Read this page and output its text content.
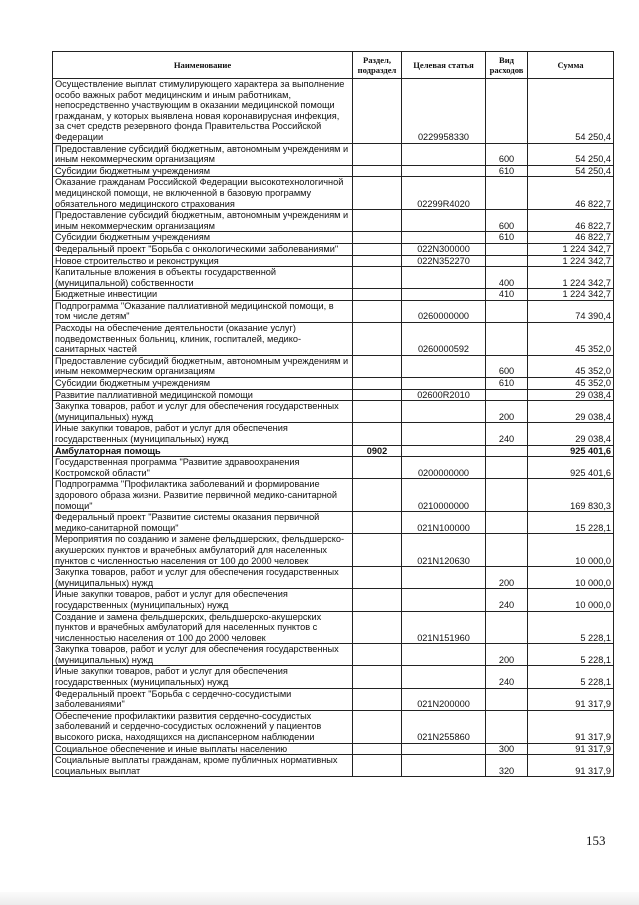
Наименование	Раздел, подраздел	Целевая статья	Вид расходов	Сумма
Осуществление выплат стимулирующего характера за выполнение особо важных работ медицинским и иным работникам, непосредственно участвующим в оказании медицинской помощи гражданам, у которых выявлена новая коронавирусная инфекция, за счет средств резервного фонда Правительства Российской Федерации		0229958330		54 250,4
Предоставление субсидий бюджетным, автономным учреждениям и иным некоммерческим организациям			600	54 250,4
Субсидии бюджетным учреждениям			610	54 250,4
Оказание гражданам Российской Федерации высокотехнологичной медицинской помощи, не включенной в базовую программу обязательного медицинского страхования		02299R4020		46 822,7
Предоставление субсидий бюджетным, автономным учреждениям и иным некоммерческим организациям			600	46 822,7
Субсидии бюджетным учреждениям			610	46 822,7
Федеральный проект "Борьба с онкологическими заболеваниями"		022N300000		1 224 342,7
Новое строительство и реконструкция		022N352270		1 224 342,7
Капитальные вложения в объекты государственной (муниципальной) собственности			400	1 224 342,7
Бюджетные инвестиции			410	1 224 342,7
Подпрограмма "Оказание паллиативной медицинской помощи, в том числе детям"		0260000000		74 390,4
Расходы на обеспечение деятельности (оказание услуг) подведомственных больниц, клиник, госпиталей, медико-санитарных частей		0260000592		45 352,0
Предоставление субсидий бюджетным, автономным учреждениям и иным некоммерческим организациям			600	45 352,0
Субсидии бюджетным учреждениям			610	45 352,0
Развитие паллиативной медицинской помощи		02600R2010		29 038,4
Закупка товаров, работ и услуг для обеспечения государственных (муниципальных) нужд			200	29 038,4
Иные закупки товаров, работ и услуг для обеспечения государственных (муниципальных) нужд			240	29 038,4
Амбулаторная помощь	0902			925 401,6
Государственная программа "Развитие здравоохранения Костромской области"		0200000000		925 401,6
Подпрограмма "Профилактика заболеваний и формирование здорового образа жизни. Развитие первичной медико-санитарной помощи"		0210000000		169 830,3
Федеральный проект "Развитие системы оказания первичной медико-санитарной помощи"		021N100000		15 228,1
Мероприятия по созданию и замене фельдшерских, фельдшерско-акушерских пунктов и врачебных амбулаторий для населенных пунктов с численностью населения от 100 до 2000 человек		021N120630		10 000,0
Закупка товаров, работ и услуг для обеспечения государственных (муниципальных) нужд			200	10 000,0
Иные закупки товаров, работ и услуг для обеспечения государственных (муниципальных) нужд			240	10 000,0
Создание и замена фельдшерских, фельдшерско-акушерских пунктов и врачебных амбулаторий для населенных пунктов с численностью населения от 100 до 2000 человек		021N151960		5 228,1
Закупка товаров, работ и услуг для обеспечения государственных (муниципальных) нужд			200	5 228,1
Иные закупки товаров, работ и услуг для обеспечения государственных (муниципальных) нужд			240	5 228,1
Федеральный проект "Борьба с сердечно-сосудистыми заболеваниями"		021N200000		91 317,9
Обеспечение профилактики развития сердечно-сосудистых заболеваний и сердечно-сосудистых осложнений у пациентов высокого риска, находящихся на диспансерном наблюдении		021N255860		91 317,9
Социальное обеспечение и иные выплаты населению			300	91 317,9
Социальные выплаты гражданам, кроме публичных нормативных социальных выплат			320	91 317,9
153
